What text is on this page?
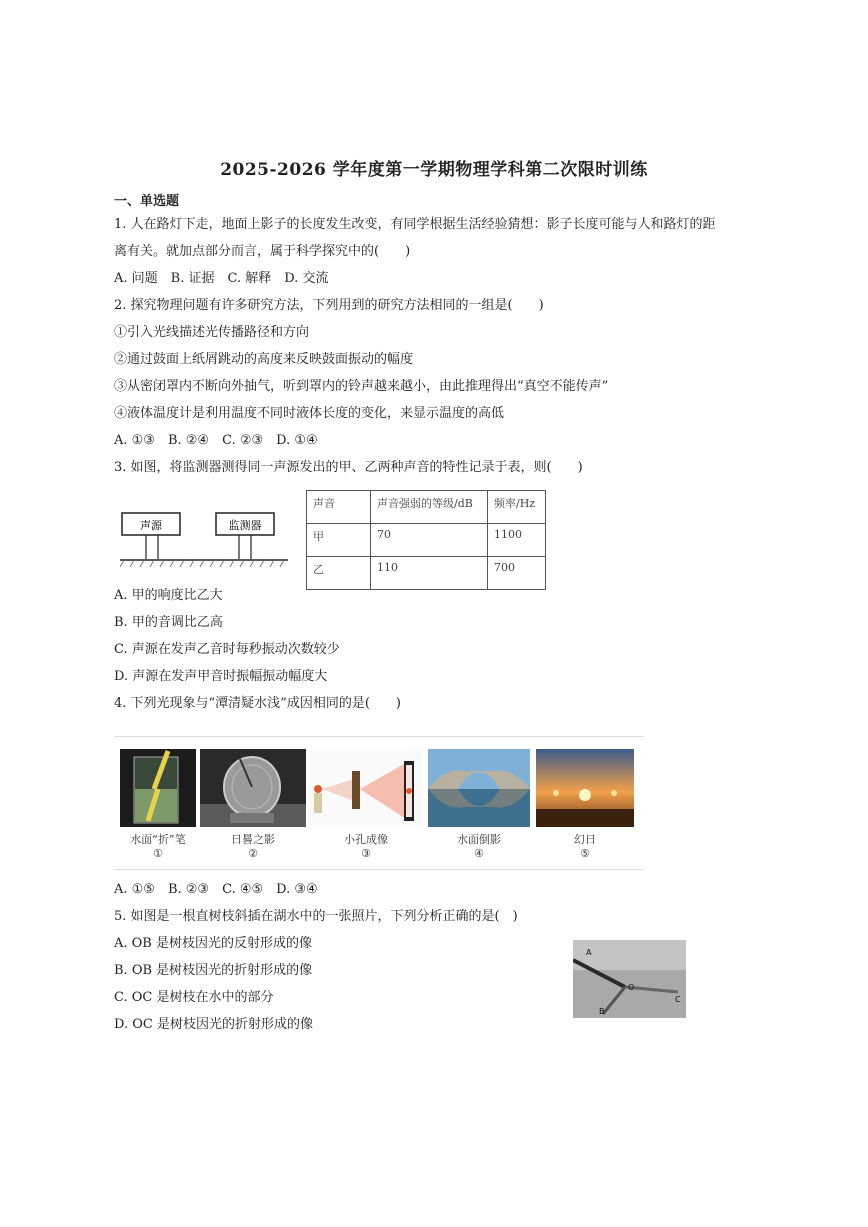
2025-2026 学年度第一学期物理学科第二次限时训练
一、单选题
1. 人在路灯下走，地面上影子的长度发生改变，有同学根据生活经验猜想：影子长度可能与人和路灯的距
离有关。就加点部分而言，属于科学探究中的(　　)
A. 问题　B. 证据　C. 解释　D. 交流
2. 探究物理问题有许多研究方法，下列用到的研究方法相同的一组是(　　)
①引入光线描述光传播路径和方向
②通过鼓面上纸屑跳动的高度来反映鼓面振动的幅度
③从密闭罩内不断向外抽气，听到罩内的铃声越来越小，由此推理得出“真空不能传声”
④液体温度计是利用温度不同时液体长度的变化，来显示温度的高低
A. ①③　B. ②④　C. ②③　D. ①④
3. 如图，将监测器测得同一声源发出的甲、乙两种声音的特性记录于表，则(　　)
声源	监测器
声音	声音强弱的等级/dB	频率/Hz
甲	70	1100
乙	110	700
A. 甲的响度比乙大
B. 甲的音调比乙高
C. 声源在发声乙音时每秒振动次数较少
D. 声源在发声甲音时振幅振动幅度大
4. 下列光现象与“潭清疑水浅”成因相同的是(　　)
水面“折”笔	日晷之影	小孔成像	水面倒影	幻日
①	②	③	④	⑤
A. ①⑤　B. ②③　C. ④⑤　D. ③④
5. 如图是一根直树枝斜插在湖水中的一张照片，下列分析正确的是(　)
A. OB 是树枝因光的反射形成的像
B. OB 是树枝因光的折射形成的像
C. OC 是树枝在水中的部分
D. OC 是树枝因光的折射形成的像
A
O
B
C
